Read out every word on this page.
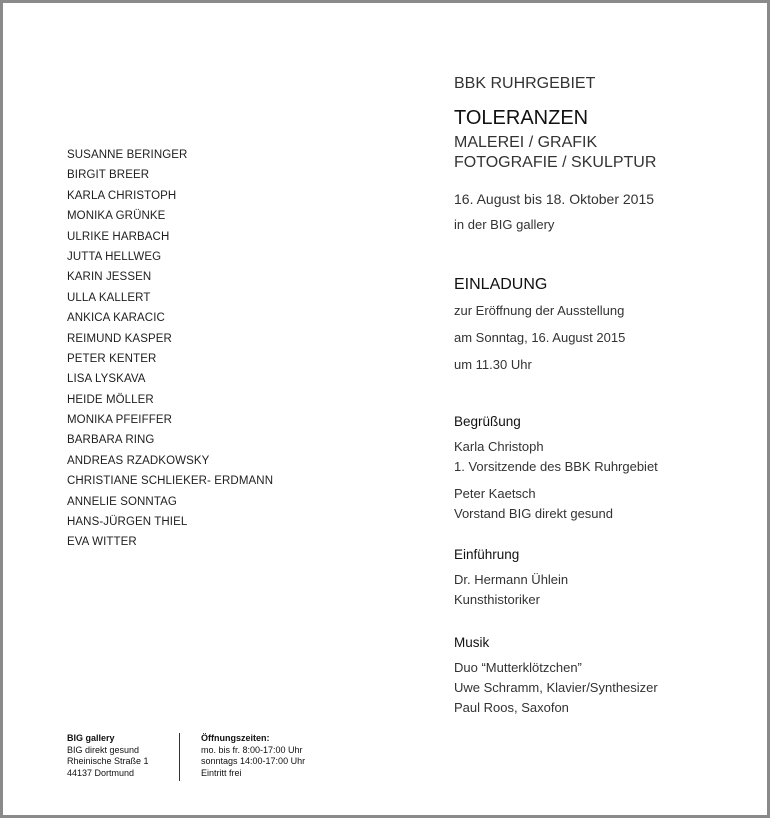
SUSANNE BERINGER
BIRGIT BREER
KARLA CHRISTOPH
MONIKA GRÜNKE
ULRIKE HARBACH
JUTTA HELLWEG
KARIN JESSEN
ULLA KALLERT
ANKICA KARACIC
REIMUND KASPER
PETER KENTER
LISA LYSKAVA
HEIDE MÖLLER
MONIKA PFEIFFER
BARBARA RING
ANDREAS RZADKOWSKY
CHRISTIANE SCHLIEKER- ERDMANN
ANNELIE SONNTAG
HANS-JÜRGEN THIEL
EVA WITTER
BBK RUHRGEBIET
TOLERANZEN
MALEREI / GRAFIK
FOTOGRAFIE / SKULPTUR
16. August bis 18. Oktober 2015
in der BIG gallery
EINLADUNG
zur Eröffnung der Ausstellung
am Sonntag, 16. August 2015
um 11.30 Uhr
Begrüßung
Karla Christoph
1. Vorsitzende des BBK Ruhrgebiet
Peter Kaetsch
Vorstand BIG direkt gesund
Einführung
Dr. Hermann Ühlein
Kunsthistoriker
Musik
Duo “Mutterklötzchen”
Uwe Schramm, Klavier/Synthesizer
Paul Roos, Saxofon
BIG gallery
BIG direkt gesund
Rheinische Straße 1
44137 Dortmund
Öffnungszeiten:
mo. bis fr. 8:00-17:00 Uhr
sonntags 14:00-17:00 Uhr
Eintritt frei
